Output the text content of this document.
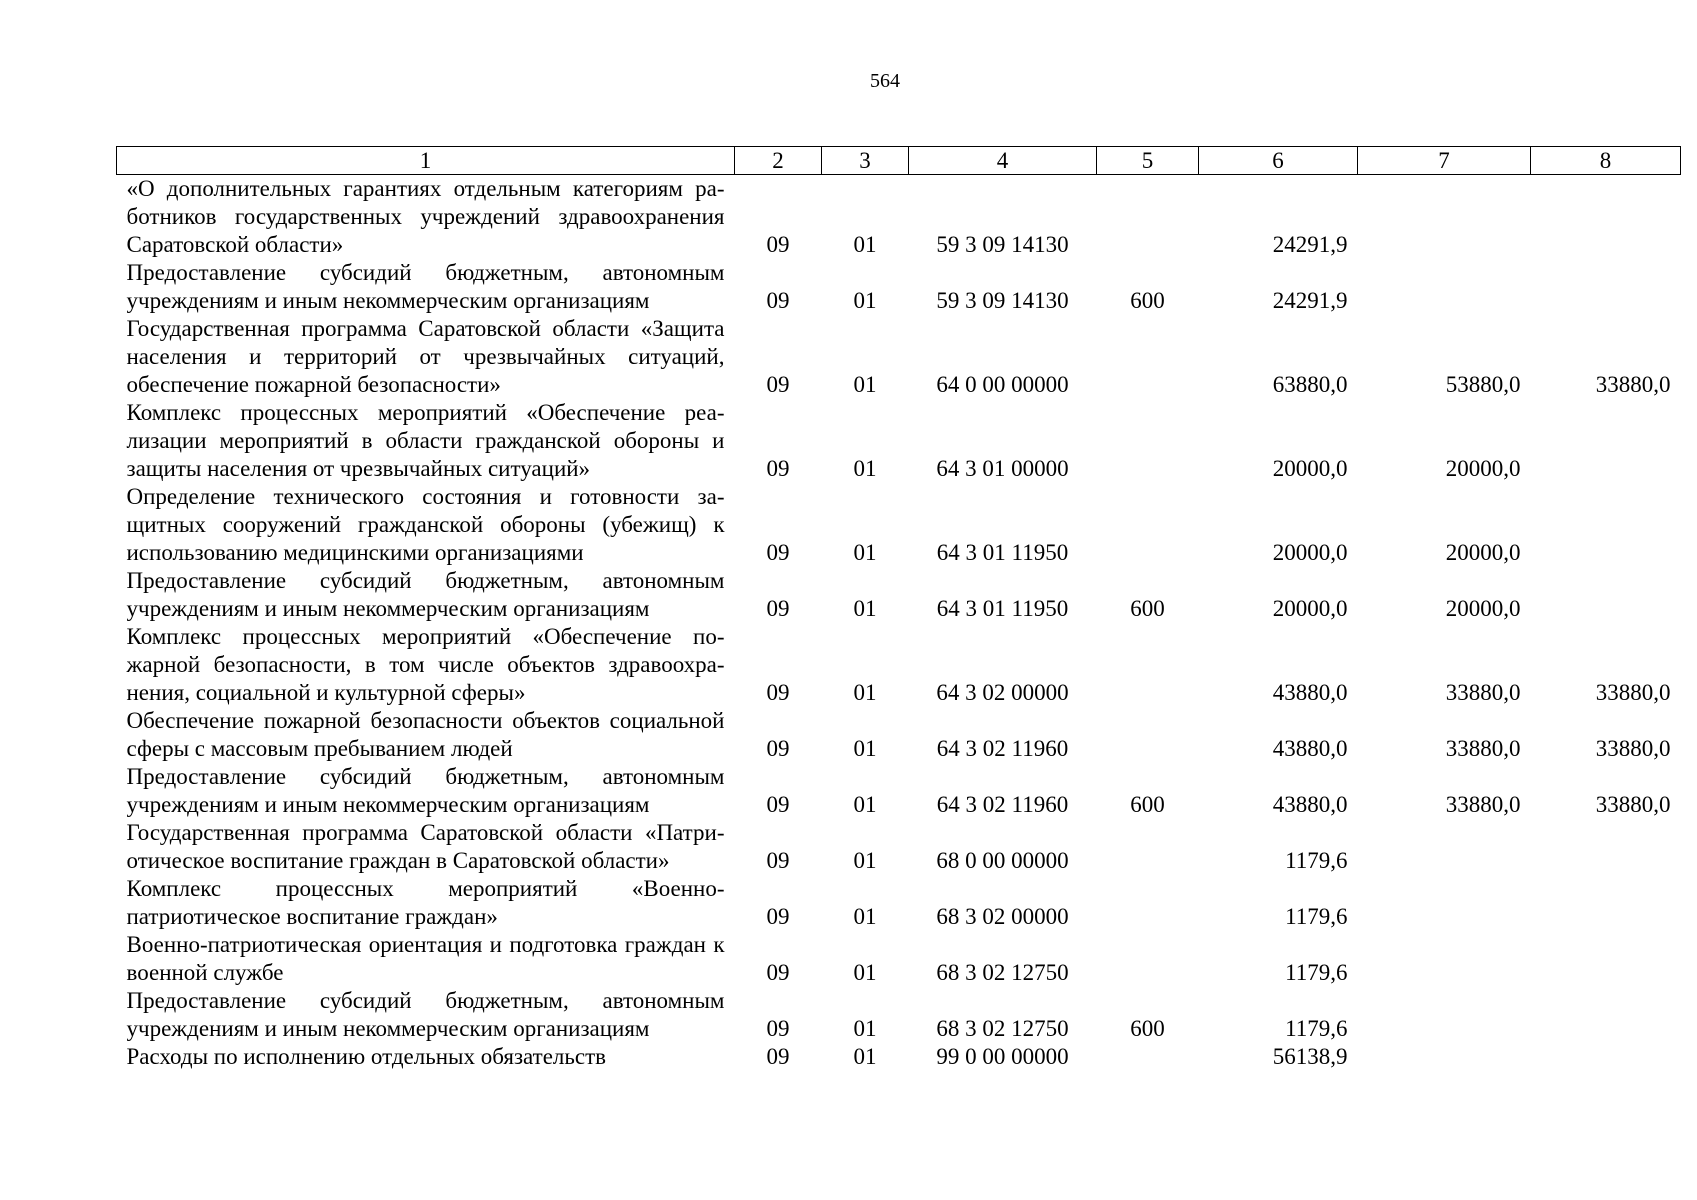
564
1	2	3	4	5	6	7	8
«О дополнительных гарантиях отдельным категориям работников государственных учреждений здравоохранения Саратовской области»	09	01	59 3 09 14130		24291,9		
Предоставление субсидий бюджетным, автономным учреждениям и иным некоммерческим организациям	09	01	59 3 09 14130	600	24291,9		
Государственная программа Саратовской области «Защита населения и территорий от чрезвычайных ситуаций, обеспечение пожарной безопасности»	09	01	64 0 00 00000		63880,0	53880,0	33880,0
Комплекс процессных мероприятий «Обеспечение реализации мероприятий в области гражданской обороны и защиты населения от чрезвычайных ситуаций»	09	01	64 3 01 00000		20000,0	20000,0	
Определение технического состояния и готовности защитных сооружений гражданской обороны (убежищ) к использованию медицинскими организациями	09	01	64 3 01 11950		20000,0	20000,0	
Предоставление субсидий бюджетным, автономным учреждениям и иным некоммерческим организациям	09	01	64 3 01 11950	600	20000,0	20000,0	
Комплекс процессных мероприятий «Обеспечение пожарной безопасности, в том числе объектов здравоохранения, социальной и культурной сферы»	09	01	64 3 02 00000		43880,0	33880,0	33880,0
Обеспечение пожарной безопасности объектов социальной сферы с массовым пребыванием людей	09	01	64 3 02 11960		43880,0	33880,0	33880,0
Предоставление субсидий бюджетным, автономным учреждениям и иным некоммерческим организациям	09	01	64 3 02 11960	600	43880,0	33880,0	33880,0
Государственная программа Саратовской области «Патриотическое воспитание граждан в Саратовской области»	09	01	68 0 00 00000		1179,6		
Комплекс процессных мероприятий «Военно-патриотическое воспитание граждан»	09	01	68 3 02 00000		1179,6		
Военно-патриотическая ориентация и подготовка граждан к военной службе	09	01	68 3 02 12750		1179,6		
Предоставление субсидий бюджетным, автономным учреждениям и иным некоммерческим организациям	09	01	68 3 02 12750	600	1179,6		
Расходы по исполнению отдельных обязательств	09	01	99 0 00 00000		56138,9		
